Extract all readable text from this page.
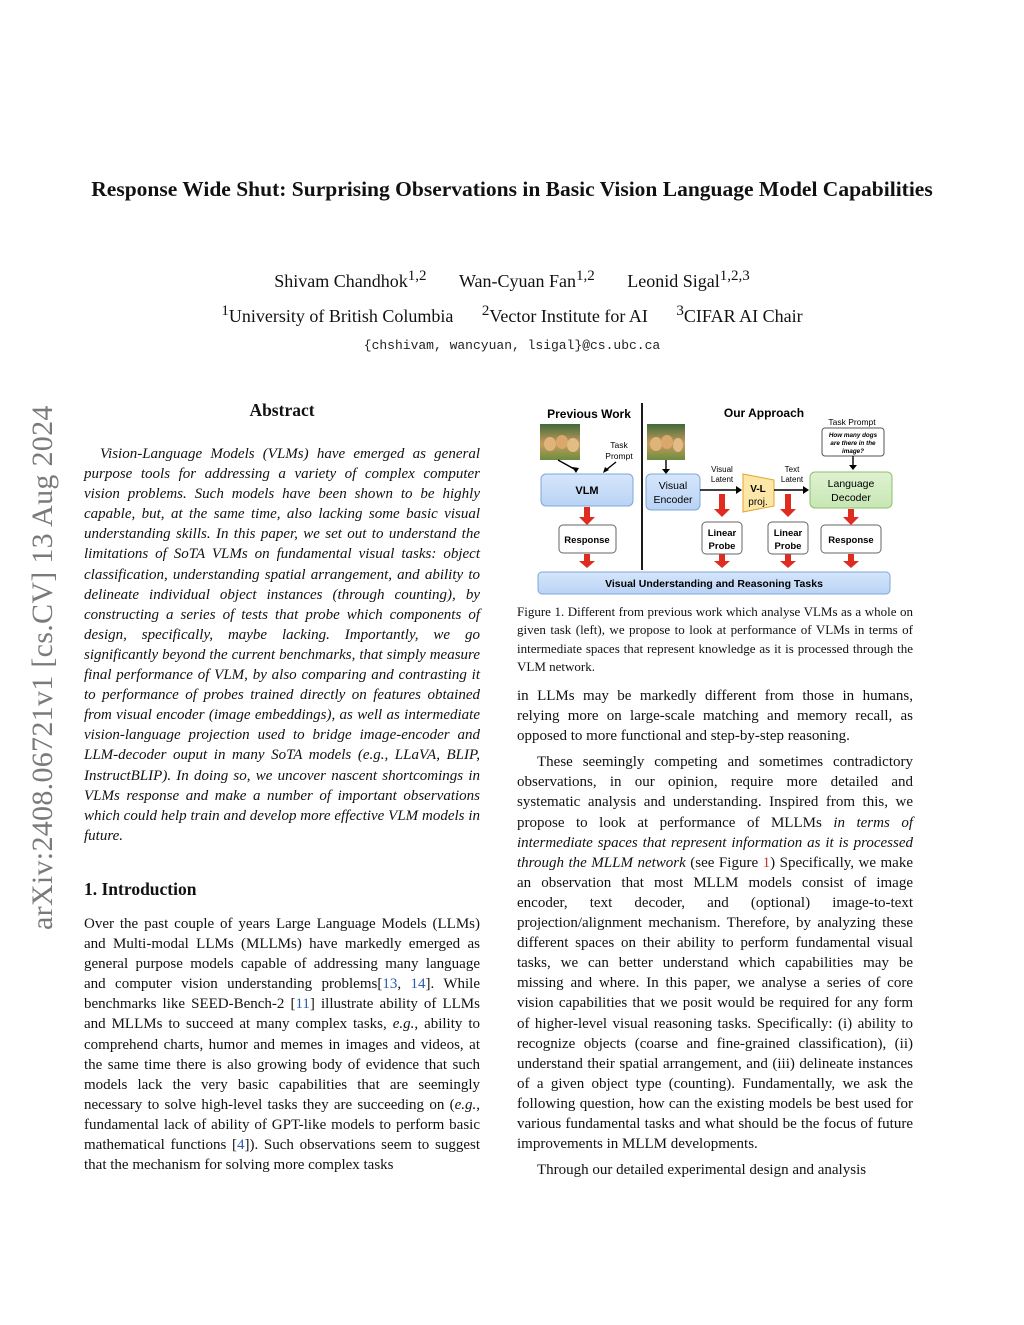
Response Wide Shut: Surprising Observations in Basic Vision Language Model Capabilities
Shivam Chandhok$^{1,2}$ Wan-Cyuan Fan$^{1,2}$ Leonid Sigal$^{1,2,3}$
$^1$University of British Columbia $^2$Vector Institute for AI $^3$CIFAR AI Chair
{chshivam, wancyuan, lsigal}@cs.ubc.ca
arXiv:2408.06721v1 [cs.CV] 13 Aug 2024	Abstract
Vision-Language Models (VLMs) have emerged as general purpose tools for addressing a variety of complex computer vision problems. Such models have been shown to be highly capable, but, at the same time, also lacking some basic visual understanding skills. In this paper, we set out to understand the limitations of SoTA VLMs on fundamental visual tasks: object classification, understanding spatial arrangement, and ability to delineate individual object instances (through counting), by constructing a series of tests that probe which components of design, specifically, maybe lacking. Importantly, we go significantly beyond the current benchmarks, that simply measure final performance of VLM, by also comparing and contrasting it to performance of probes trained directly on features obtained from visual encoder (image embeddings), as well as intermediate vision-language projection used to bridge image-encoder and LLM-decoder ouput in many SoTA models (e.g., LLaVA, BLIP, InstructBLIP). In doing so, we uncover nascent shortcomings in VLMs response and make a number of important observations which could help train and develop more effective VLM models in future.
1. Introduction
Over the past couple of years Large Language Models (LLMs) and Multi-modal LLMs (MLLMs) have markedly emerged as general purpose models capable of addressing many language and computer vision understanding problems[13, 14]. While benchmarks like SEED-Bench-2 [11] illustrate ability of LLMs and MLLMs to succeed at many complex tasks, e.g., ability to comprehend charts, humor and memes in images and videos, at the same time there is also growing body of evidence that such models lack the very basic capabilities that are seemingly necessary to solve high-level tasks they are succeeding on (e.g., fundamental lack of ability of GPT-like models to perform basic mathematical functions [4]). Such observations seem to suggest that the mechanism for solving more complex tasks
Previous Work	Our Approach
Task
Prompt
VLM
Response
Visual
Encoder
Visual
Latent
V-L
proj.
Text
Latent
Task Prompt
How many dogs
are there in the
image?
Language
Decoder
Linear
Probe
Linear
Probe
Response
Visual Understanding and Reasoning Tasks
Figure 1. Different from previous work which analyse VLMs as a whole on given task (left), we propose to look at performance of VLMs in terms of intermediate spaces that represent knowledge as it is processed through the VLM network.

in LLMs may be markedly different from those in humans, relying more on large-scale matching and memory recall, as opposed to more functional and step-by-step reasoning.

These seemingly competing and sometimes contradictory observations, in our opinion, require more detailed and systematic analysis and understanding. Inspired from this, we propose to look at performance of MLLMs in terms of intermediate spaces that represent information as it is processed through the MLLM network (see Figure 1) Specifically, we make an observation that most MLLM models consist of image encoder, text decoder, and (optional) image-to-text projection/alignment mechanism. Therefore, by analyzing these different spaces on their ability to perform fundamental visual tasks, we can better understand which capabilities may be missing and where. In this paper, we analyse a series of core vision capabilities that we posit would be required for any form of higher-level visual reasoning tasks. Specifically: (i) ability to recognize objects (coarse and fine-grained classification), (ii) understand their spatial arrangement, and (iii) delineate instances of a given object type (counting). Fundamentally, we ask the following question, how can the existing models be best used for various fundamental tasks and what should be the focus of future improvements in MLLM developments.

Through our detailed experimental design and analysis
